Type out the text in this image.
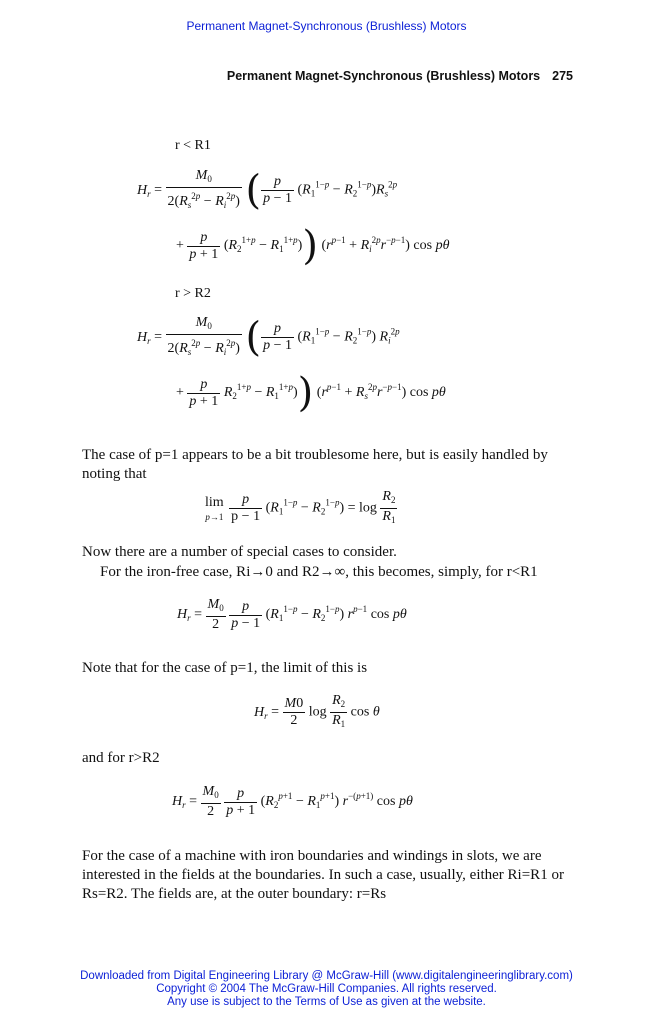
Permanent Magnet-Synchronous (Brushless) Motors
Permanent Magnet-Synchronous (Brushless) Motors 275
r < R1
$H_r = \frac{M_0}{2(R_s^{2p} - R_i^{2p})}$ ( $\frac{p}{p - 1} (R_1^{1-p} - R_2^{1-p})R_s^{2p}$
+ $\frac{p}{p + 1} (R_2^{1+p} - R_1^{1+p})$) $(r^{p-1} + R_i^{2p}r^{-p-1})$ cos pθ
r > R2
$H_r = \frac{M_0}{2(R_s^{2p} - R_i^{2p})}$ ( $\frac{p}{p - 1} (R_1^{1-p} - R_2^{1-p})$ $R_i^{2p}$
+ $\frac{p}{p + 1} R_2^{1+p} - R_1^{1+p}$)) $(r^{p-1} + R_s^{2p}r^{-p-1})$ cos pθ
The case of p=1 appears to be a bit troublesome here, but is easily handled by noting that
lim
p→1
$\frac{p}{p - 1} (R_1^{1-p} - R_2^{1-p}) = \log \frac{R_2}{R_1}$
Now there are a number of special cases to consider.
For the iron-free case, Ri→0 and R2→∞, this becomes, simply, for r<R1
$H_r = \frac{M_0}{2}$
$\frac{p}{p - 1} (R_1^{1-p} - R_2^{1-p})$ $r^{p-1}$ cos pθ
Note that for the case of p=1, the limit of this is
$H_r = \frac{M0}{2}$ $\log \frac{R_2}{R_1}$ cos θ
and for r>R2
$H_r = \frac{M_0}{2}$
$\frac{p}{p + 1} (R_2^{p+1} - R_1^{p+1})$ $r^{-(p+1)}$ cos pθ
For the case of a machine with iron boundaries and windings in slots, we are interested in the fields at the boundaries. In such a case, usually, either Ri=R1 or Rs=R2. The fields are, at the outer boundary: r=Rs
Downloaded from Digital Engineering Library @ McGraw-Hill (www.digitalengineeringlibrary.com)
Copyright © 2004 The McGraw-Hill Companies. All rights reserved.
Any use is subject to the Terms of Use as given at the website.
